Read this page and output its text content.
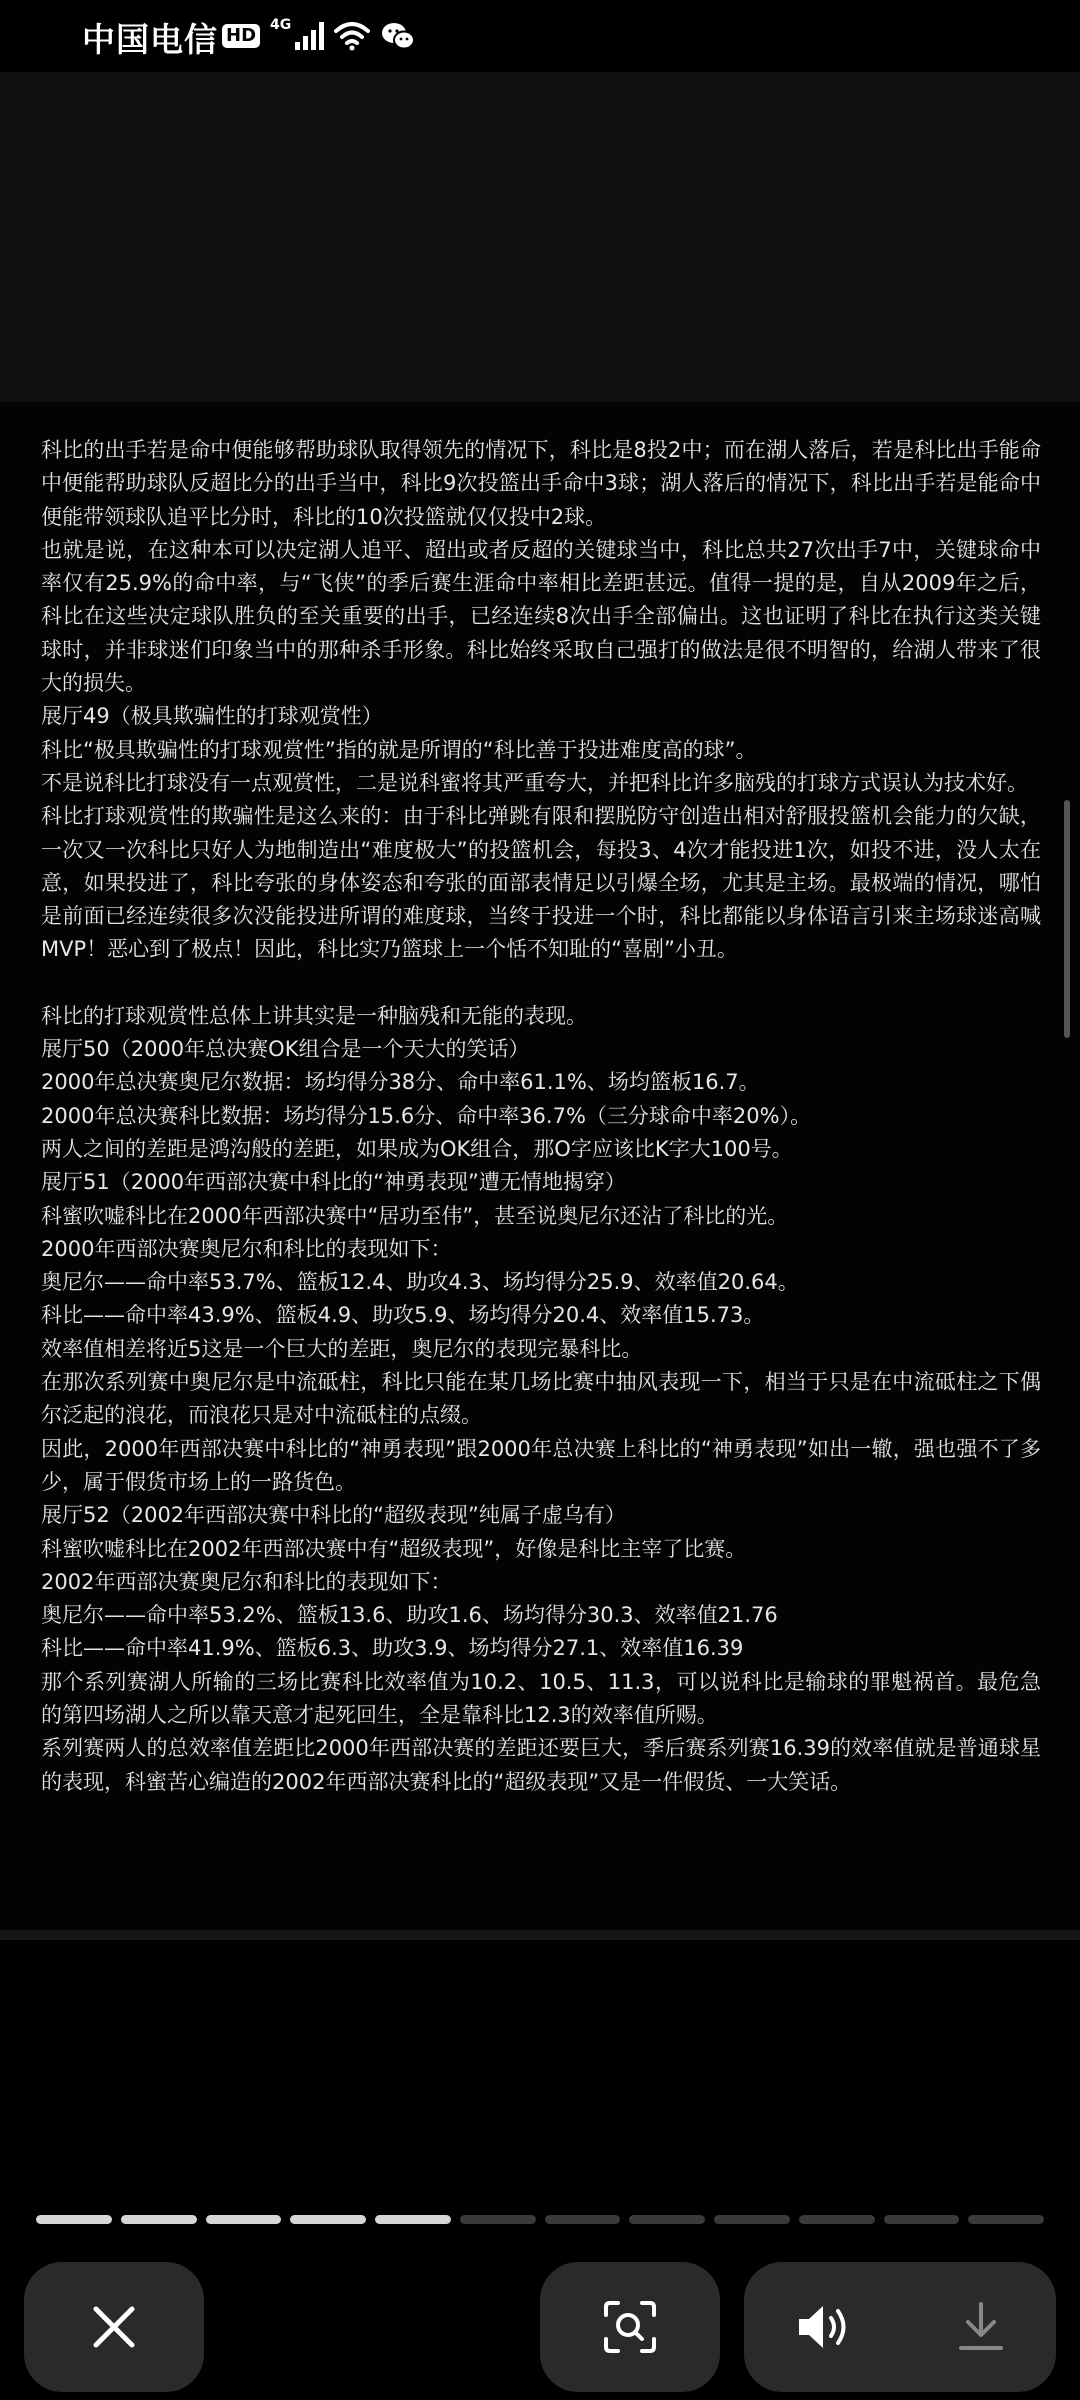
中国电信 HD 4G

科比的出手若是命中便能够帮助球队取得领先的情况下，科比是8投2中；而在湖人落后，若是科比出手能命中便能帮助球队反超比分的出手当中，科比9次投篮出手命中3球；湖人落后的情况下，科比出手若是能命中便能带领球队追平比分时，科比的10次投篮就仅仅投中2球。

也就是说，在这种本可以决定湖人追平、超出或者反超的关键球当中，科比总共27次出手7中，关键球命中率仅有25.9%的命中率，与“飞侠”的季后赛生涯命中率相比差距甚远。值得一提的是，自从2009年之后，科比在这些决定球队胜负的至关重要的出手，已经连续8次出手全部偏出。这也证明了科比在执行这类关键球时，并非球迷们印象当中的那种杀手形象。科比始终采取自己强打的做法是很不明智的，给湖人带来了很大的损失。

展厅49（极具欺骗性的打球观赏性）

科比“极具欺骗性的打球观赏性”指的就是所谓的“科比善于投进难度高的球”。

不是说科比打球没有一点观赏性，二是说科蜜将其严重夸大，并把科比许多脑残的打球方式误认为技术好。

科比打球观赏性的欺骗性是这么来的：由于科比弹跳有限和摆脱防守创造出相对舒服投篮机会能力的欠缺，一次又一次科比只好人为地制造出“难度极大”的投篮机会，每投3、4次才能投进1次，如投不进，没人太在意，如果投进了，科比夸张的身体姿态和夸张的面部表情足以引爆全场，尤其是主场。最极端的情况，哪怕是前面已经连续很多次没能投进所谓的难度球，当终于投进一个时，科比都能以身体语言引来主场球迷高喊MVP！恶心到了极点！因此，科比实乃篮球上一个恬不知耻的“喜剧”小丑。

科比的打球观赏性总体上讲其实是一种脑残和无能的表现。

展厅50（2000年总决赛OK组合是一个天大的笑话）

2000年总决赛奥尼尔数据：场均得分38分、命中率61.1%、场均篮板16.7。

2000年总决赛科比数据：场均得分15.6分、命中率36.7%（三分球命中率20%）。

两人之间的差距是鸿沟般的差距，如果成为OK组合，那O字应该比K字大100号。

展厅51（2000年西部决赛中科比的“神勇表现”遭无情地揭穿）

科蜜吹嘘科比在2000年西部决赛中“居功至伟”，甚至说奥尼尔还沾了科比的光。

2000年西部决赛奥尼尔和科比的表现如下：

奥尼尔——命中率53.7%、篮板12.4、助攻4.3、场均得分25.9、效率值20.64。

科比——命中率43.9%、篮板4.9、助攻5.9、场均得分20.4、效率值15.73。

效率值相差将近5这是一个巨大的差距，奥尼尔的表现完暴科比。

在那次系列赛中奥尼尔是中流砥柱，科比只能在某几场比赛中抽风表现一下，相当于只是在中流砥柱之下偶尔泛起的浪花，而浪花只是对中流砥柱的点缀。

因此，2000年西部决赛中科比的“神勇表现”跟2000年总决赛上科比的“神勇表现”如出一辙，强也强不了多少，属于假货市场上的一路货色。

展厅52（2002年西部决赛中科比的“超级表现”纯属子虚乌有）

科蜜吹嘘科比在2002年西部决赛中有“超级表现”，好像是科比主宰了比赛。

2002年西部决赛奥尼尔和科比的表现如下：

奥尼尔——命中率53.2%、篮板13.6、助攻1.6、场均得分30.3、效率值21.76

科比——命中率41.9%、篮板6.3、助攻3.9、场均得分27.1、效率值16.39

那个系列赛湖人所输的三场比赛科比效率值为10.2、10.5、11.3，可以说科比是输球的罪魁祸首。最危急的第四场湖人之所以靠天意才起死回生，全是靠科比12.3的效率值所赐。

系列赛两人的总效率值差距比2000年西部决赛的差距还要巨大，季后赛系列赛16.39的效率值就是普通球星的表现，科蜜苦心编造的2002年西部决赛科比的“超级表现”又是一件假货、一大笑话。
